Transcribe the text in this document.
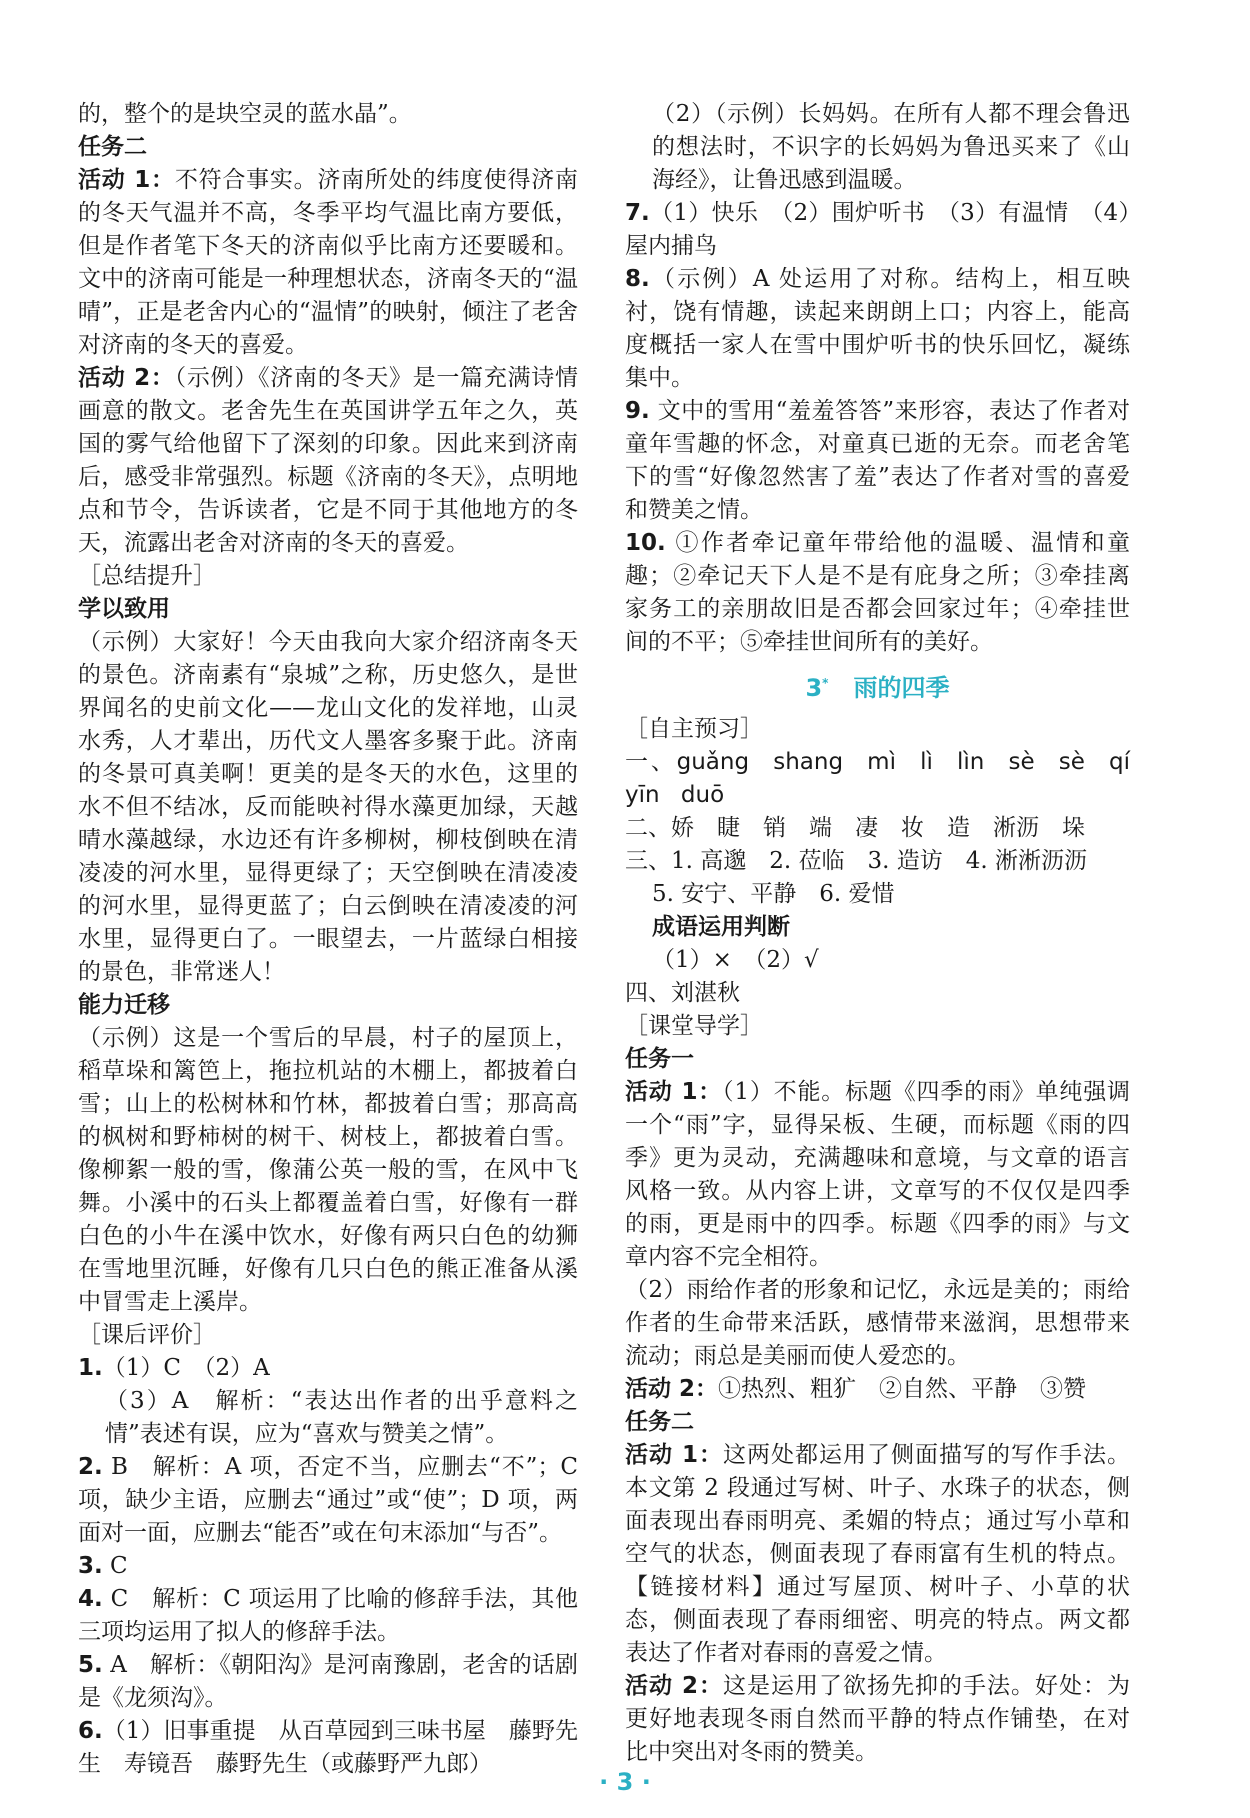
的，整个的是块空灵的蓝水晶”。
任务二
活动 1：不符合事实。济南所处的纬度使得济南的冬天气温并不高，冬季平均气温比南方要低，但是作者笔下冬天的济南似乎比南方还要暖和。文中的济南可能是一种理想状态，济南冬天的“温晴”，正是老舍内心的“温情”的映射，倾注了老舍对济南的冬天的喜爱。
活动 2：（示例）《济南的冬天》是一篇充满诗情画意的散文。老舍先生在英国讲学五年之久，英国的雾气给他留下了深刻的印象。因此来到济南后，感受非常强烈。标题《济南的冬天》，点明地点和节令，告诉读者，它是不同于其他地方的冬天，流露出老舍对济南的冬天的喜爱。
［总结提升］
学以致用
（示例）大家好！今天由我向大家介绍济南冬天的景色。济南素有“泉城”之称，历史悠久，是世界闻名的史前文化——龙山文化的发祥地，山灵水秀，人才辈出，历代文人墨客多聚于此。济南的冬景可真美啊！更美的是冬天的水色，这里的水不但不结冰，反而能映衬得水藻更加绿，天越晴水藻越绿，水边还有许多柳树，柳枝倒映在清凌凌的河水里，显得更绿了；天空倒映在清凌凌的河水里，显得更蓝了；白云倒映在清凌凌的河水里，显得更白了。一眼望去，一片蓝绿白相接的景色，非常迷人！
能力迁移
（示例）这是一个雪后的早晨，村子的屋顶上，稻草垛和篱笆上，拖拉机站的木棚上，都披着白雪；山上的松树林和竹林，都披着白雪；那高高的枫树和野柿树的树干、树枝上，都披着白雪。像柳絮一般的雪，像蒲公英一般的雪，在风中飞舞。小溪中的石头上都覆盖着白雪，好像有一群白色的小牛在溪中饮水，好像有两只白色的幼狮在雪地里沉睡，好像有几只白色的熊正准备从溪中冒雪走上溪岸。
［课后评价］
1.（1）C　（2）A
（3）A　解析：“表达出作者的出乎意料之情”表述有误，应为“喜欢与赞美之情”。
2. B　解析：A 项，否定不当，应删去“不”；C 项，缺少主语，应删去“通过”或“使”；D 项，两面对一面，应删去“能否”或在句末添加“与否”。
3. C
4. C　解析：C 项运用了比喻的修辞手法，其他三项均运用了拟人的修辞手法。
5. A　解析：《朝阳沟》是河南豫剧，老舍的话剧是《龙须沟》。
6.（1）旧事重提　从百草园到三味书屋　藤野先生　寿镜吾　藤野先生（或藤野严九郎）
（2）（示例）长妈妈。在所有人都不理会鲁迅的想法时，不识字的长妈妈为鲁迅买来了《山海经》，让鲁迅感到温暖。
7.（1）快乐　（2）围炉听书　（3）有温情　（4）屋内捕鸟
8.（示例）A 处运用了对称。结构上，相互映衬，饶有情趣，读起来朗朗上口；内容上，能高度概括一家人在雪中围炉听书的快乐回忆，凝练集中。
9. 文中的雪用“羞羞答答”来形容，表达了作者对童年雪趣的怀念，对童真已逝的无奈。而老舍笔下的雪“好像忽然害了羞”表达了作者对雪的喜爱和赞美之情。
10. ①作者牵记童年带给他的温暖、温情和童趣；②牵记天下人是不是有庇身之所；③牵挂离家务工的亲朋故旧是否都会回家过年；④牵挂世间的不平；⑤牵挂世间所有的美好。
3* 雨的四季
［自主预习］
一、guǎng shang mì lì lìn sè sè qí yīn duō
二、娇　睫　销　端　凄　妆　造　淅沥　垛
三、1. 高邈　2. 莅临　3. 造访　4. 淅淅沥沥
5. 安宁、平静　6. 爱惜
成语运用判断
（1）×　（2）√
四、刘湛秋
［课堂导学］
任务一
活动 1：（1）不能。标题《四季的雨》单纯强调一个“雨”字，显得呆板、生硬，而标题《雨的四季》更为灵动，充满趣味和意境，与文章的语言风格一致。从内容上讲，文章写的不仅仅是四季的雨，更是雨中的四季。标题《四季的雨》与文章内容不完全相符。
（2）雨给作者的形象和记忆，永远是美的；雨给作者的生命带来活跃，感情带来滋润，思想带来流动；雨总是美丽而使人爱恋的。
活动 2：①热烈、粗犷　②自然、平静　③赞
任务二
活动 1：这两处都运用了侧面描写的写作手法。本文第 2 段通过写树、叶子、水珠子的状态，侧面表现出春雨明亮、柔媚的特点；通过写小草和空气的状态，侧面表现了春雨富有生机的特点。【链接材料】通过写屋顶、树叶子、小草的状态，侧面表现了春雨细密、明亮的特点。两文都表达了作者对春雨的喜爱之情。
活动 2：这是运用了欲扬先抑的手法。好处：为更好地表现冬雨自然而平静的特点作铺垫，在对比中突出对冬雨的赞美。
· 3 ·
